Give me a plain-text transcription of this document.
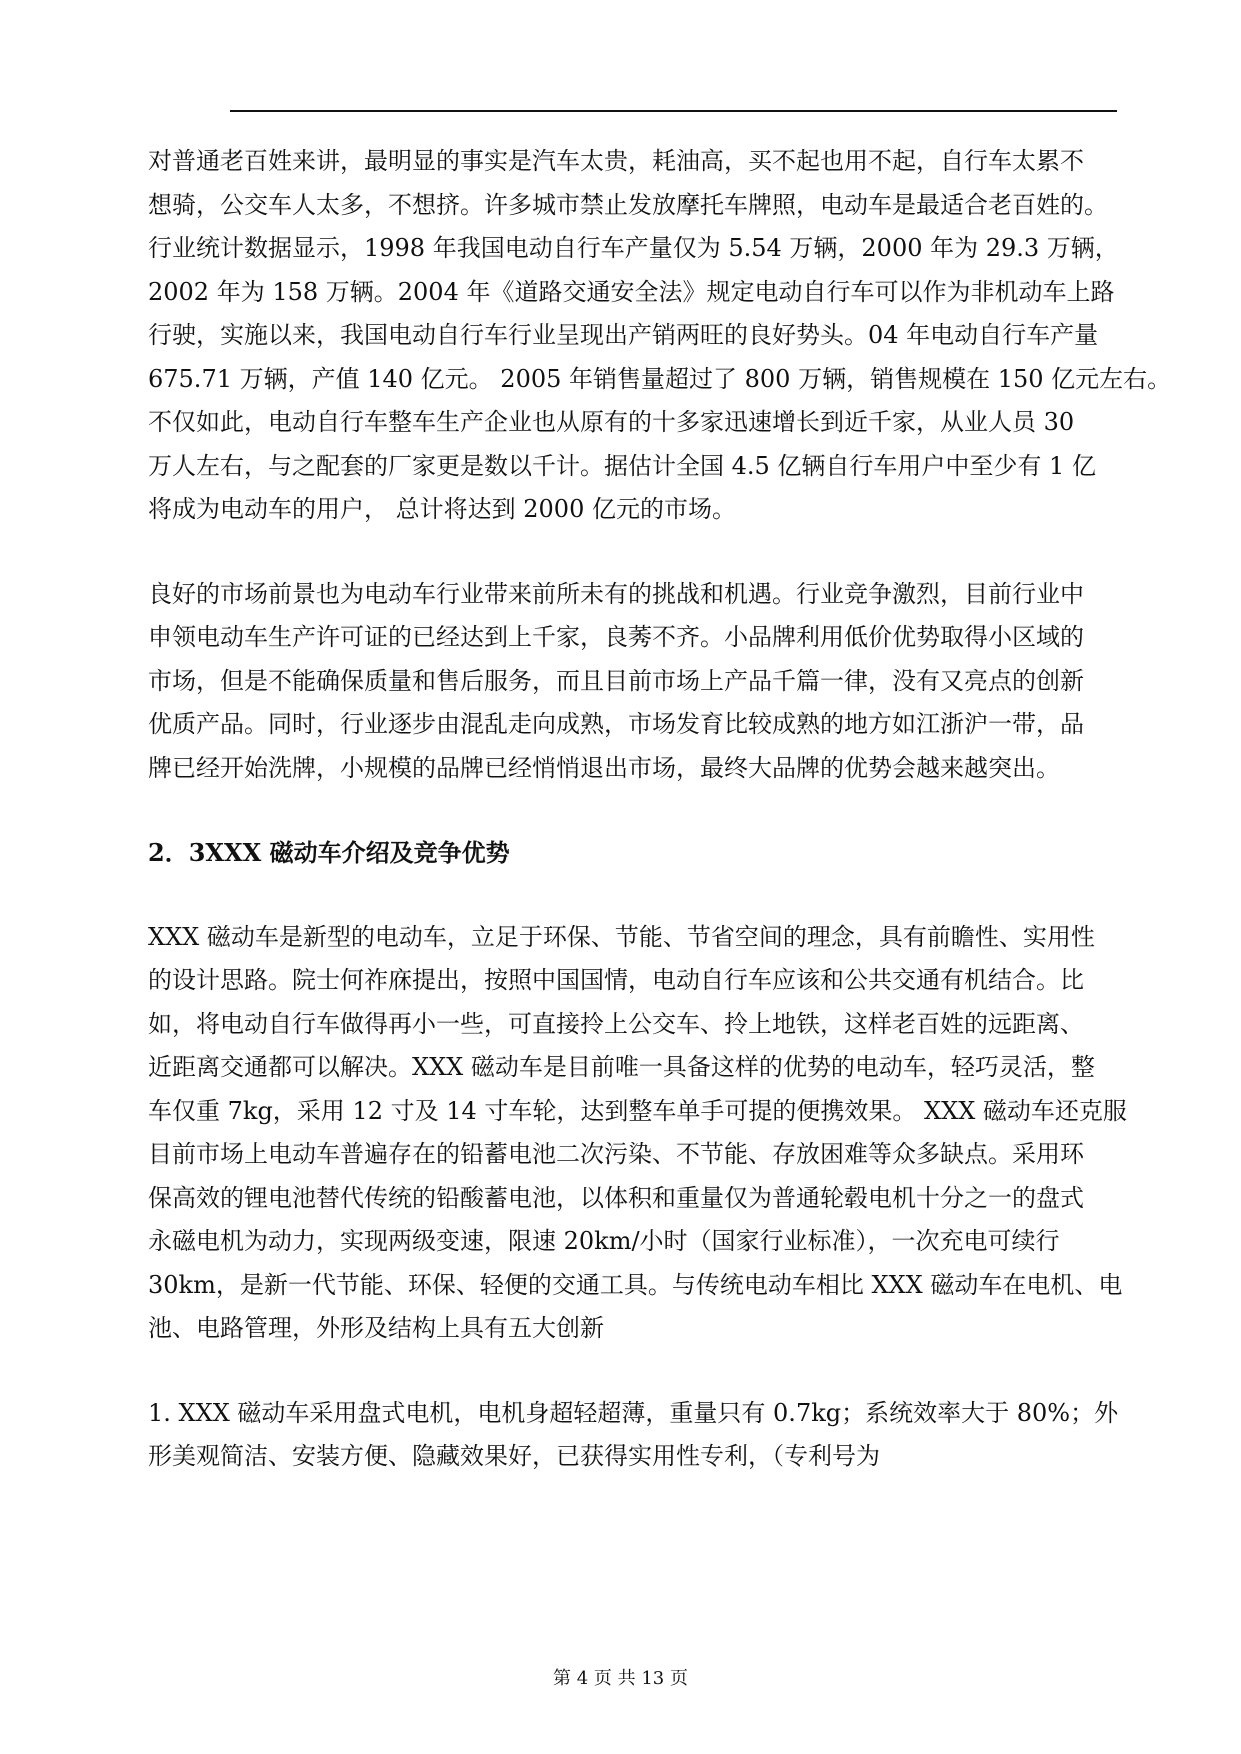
对普通老百姓来讲，最明显的事实是汽车太贵，耗油高，买不起也用不起，自行车太累不
想骑，公交车人太多，不想挤。许多城市禁止发放摩托车牌照，电动车是最适合老百姓的。
行业统计数据显示，1998 年我国电动自行车产量仅为 5.54 万辆，2000 年为 29.3 万辆，
2002 年为 158 万辆。2004 年《道路交通安全法》规定电动自行车可以作为非机动车上路
行驶，实施以来，我国电动自行车行业呈现出产销两旺的良好势头。04 年电动自行车产量
675.71 万辆，产值 140 亿元。 2005 年销售量超过了 800 万辆，销售规模在 150 亿元左右。
不仅如此，电动自行车整车生产企业也从原有的十多家迅速增长到近千家，从业人员 30
万人左右，与之配套的厂家更是数以千计。据估计全国 4.5 亿辆自行车用户中至少有 1 亿
将成为电动车的用户， 总计将达到 2000 亿元的市场。
良好的市场前景也为电动车行业带来前所未有的挑战和机遇。行业竞争激烈，目前行业中
申领电动车生产许可证的已经达到上千家，良莠不齐。小品牌利用低价优势取得小区域的
市场，但是不能确保质量和售后服务，而且目前市场上产品千篇一律，没有又亮点的创新
优质产品。同时，行业逐步由混乱走向成熟，市场发育比较成熟的地方如江浙沪一带，品
牌已经开始洗牌，小规模的品牌已经悄悄退出市场，最终大品牌的优势会越来越突出。
2．3XXX 磁动车介绍及竞争优势
XXX 磁动车是新型的电动车，立足于环保、节能、节省空间的理念，具有前瞻性、实用性
的设计思路。院士何祚庥提出，按照中国国情，电动自行车应该和公共交通有机结合。比
如，将电动自行车做得再小一些，可直接拎上公交车、拎上地铁，这样老百姓的远距离、
近距离交通都可以解决。XXX 磁动车是目前唯一具备这样的优势的电动车，轻巧灵活，整
车仅重 7kg，采用 12 寸及 14 寸车轮，达到整车单手可提的便携效果。 XXX 磁动车还克服
目前市场上电动车普遍存在的铅蓄电池二次污染、不节能、存放困难等众多缺点。采用环
保高效的锂电池替代传统的铅酸蓄电池，以体积和重量仅为普通轮毂电机十分之一的盘式
永磁电机为动力，实现两级变速，限速 20km/小时（国家行业标准），一次充电可续行
30km，是新一代节能、环保、轻便的交通工具。与传统电动车相比 XXX 磁动车在电机、电
池、电路管理，外形及结构上具有五大创新
1. XXX 磁动车采用盘式电机，电机身超轻超薄，重量只有 0.7kg；系统效率大于 80%；外
形美观简洁、安装方便、隐藏效果好，已获得实用性专利，（专利号为
第 4 页 共 13 页
